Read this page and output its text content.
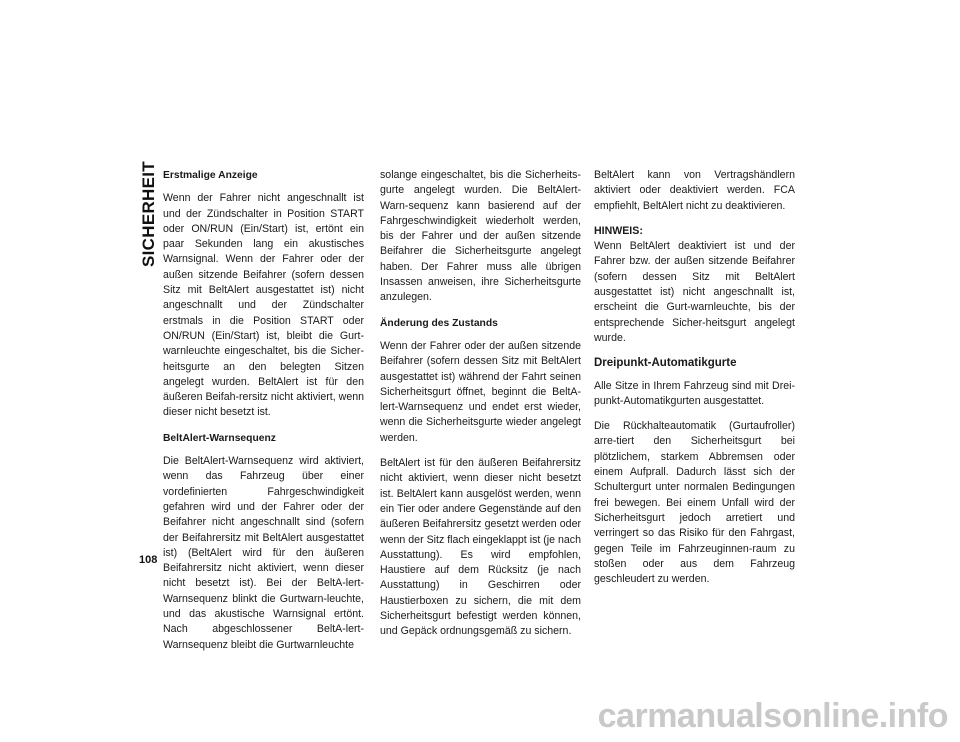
SICHERHEIT Erstmalige Anzeige

Wenn der Fahrer nicht angeschnallt ist und der Zündschalter in Position START oder ON/RUN (Ein/Start) ist, ertönt ein paar Sekunden lang ein akustisches Warnsignal. Wenn der Fahrer oder der außen sitzende Beifahrer (sofern dessen Sitz mit BeltAlert ausgestattet ist) nicht angeschnallt und der Zündschalter erstmals in die Position START oder ON/RUN (Ein/Start) ist, bleibt die Gurt-warnleuchte eingeschaltet, bis die Sicher-heitsgurte an den belegten Sitzen angelegt wurden. BeltAlert ist für den äußeren Beifah-rersitz nicht aktiviert, wenn dieser nicht besetzt ist.

BeltAlert-Warnsequenz

Die BeltAlert-Warnsequenz wird aktiviert, wenn das Fahrzeug über einer vordefinierten Fahrgeschwindigkeit gefahren wird und der Fahrer oder der Beifahrer nicht angeschnallt sind (sofern der Beifahrersitz mit BeltAlert ausgestattet ist) (BeltAlert wird für den äußeren Beifahrersitz nicht aktiviert, wenn dieser nicht besetzt ist). Bei der BeltA-lert-Warnsequenz blinkt die Gurtwarn-leuchte, und das akustische Warnsignal ertönt. Nach abgeschlossener BeltA-lert-Warnsequenz bleibt die Gurtwarnleuchte

solange eingeschaltet, bis die Sicherheits-gurte angelegt wurden. Die BeltAlert-Warn-sequenz kann basierend auf der Fahrgeschwindigkeit wiederholt werden, bis der Fahrer und der außen sitzende Beifahrer die Sicherheitsgurte angelegt haben. Der Fahrer muss alle übrigen Insassen anweisen, ihre Sicherheitsgurte anzulegen.

Änderung des Zustands

Wenn der Fahrer oder der außen sitzende Beifahrer (sofern dessen Sitz mit BeltAlert ausgestattet ist) während der Fahrt seinen Sicherheitsgurt öffnet, beginnt die BeltA-lert-Warnsequenz und endet erst wieder, wenn die Sicherheitsgurte wieder angelegt werden.

BeltAlert ist für den äußeren Beifahrersitz nicht aktiviert, wenn dieser nicht besetzt ist. BeltAlert kann ausgelöst werden, wenn ein Tier oder andere Gegenstände auf den äußeren Beifahrersitz gesetzt werden oder wenn der Sitz flach eingeklappt ist (je nach Ausstattung). Es wird empfohlen, Haustiere auf dem Rücksitz (je nach Ausstattung) in Geschirren oder Haustierboxen zu sichern, die mit dem Sicherheitsgurt befestigt werden können, und Gepäck ordnungsgemäß zu sichern.

BeltAlert kann von Vertragshändlern aktiviert oder deaktiviert werden. FCA empfiehlt, BeltAlert nicht zu deaktivieren.

HINWEIS:

Wenn BeltAlert deaktiviert ist und der Fahrer bzw. der außen sitzende Beifahrer (sofern dessen Sitz mit BeltAlert ausgestattet ist) nicht angeschnallt ist, erscheint die Gurt-warnleuchte, bis der entsprechende Sicher-heitsgurt angelegt wurde.

Dreipunkt-Automatikgurte

Alle Sitze in Ihrem Fahrzeug sind mit Drei-punkt-Automatikgurten ausgestattet.

Die Rückhalteautomatik (Gurtaufroller) arre-tiert den Sicherheitsgurt bei plötzlichem, starkem Abbremsen oder einem Aufprall. Dadurch lässt sich der Schultergurt unter normalen Bedingungen frei bewegen. Bei einem Unfall wird der Sicherheitsgurt jedoch arretiert und verringert so das Risiko für den Fahrgast, gegen Teile im Fahrzeuginnen-raum zu stoßen oder aus dem Fahrzeug geschleudert zu werden.

108
carmanualsonline.info
